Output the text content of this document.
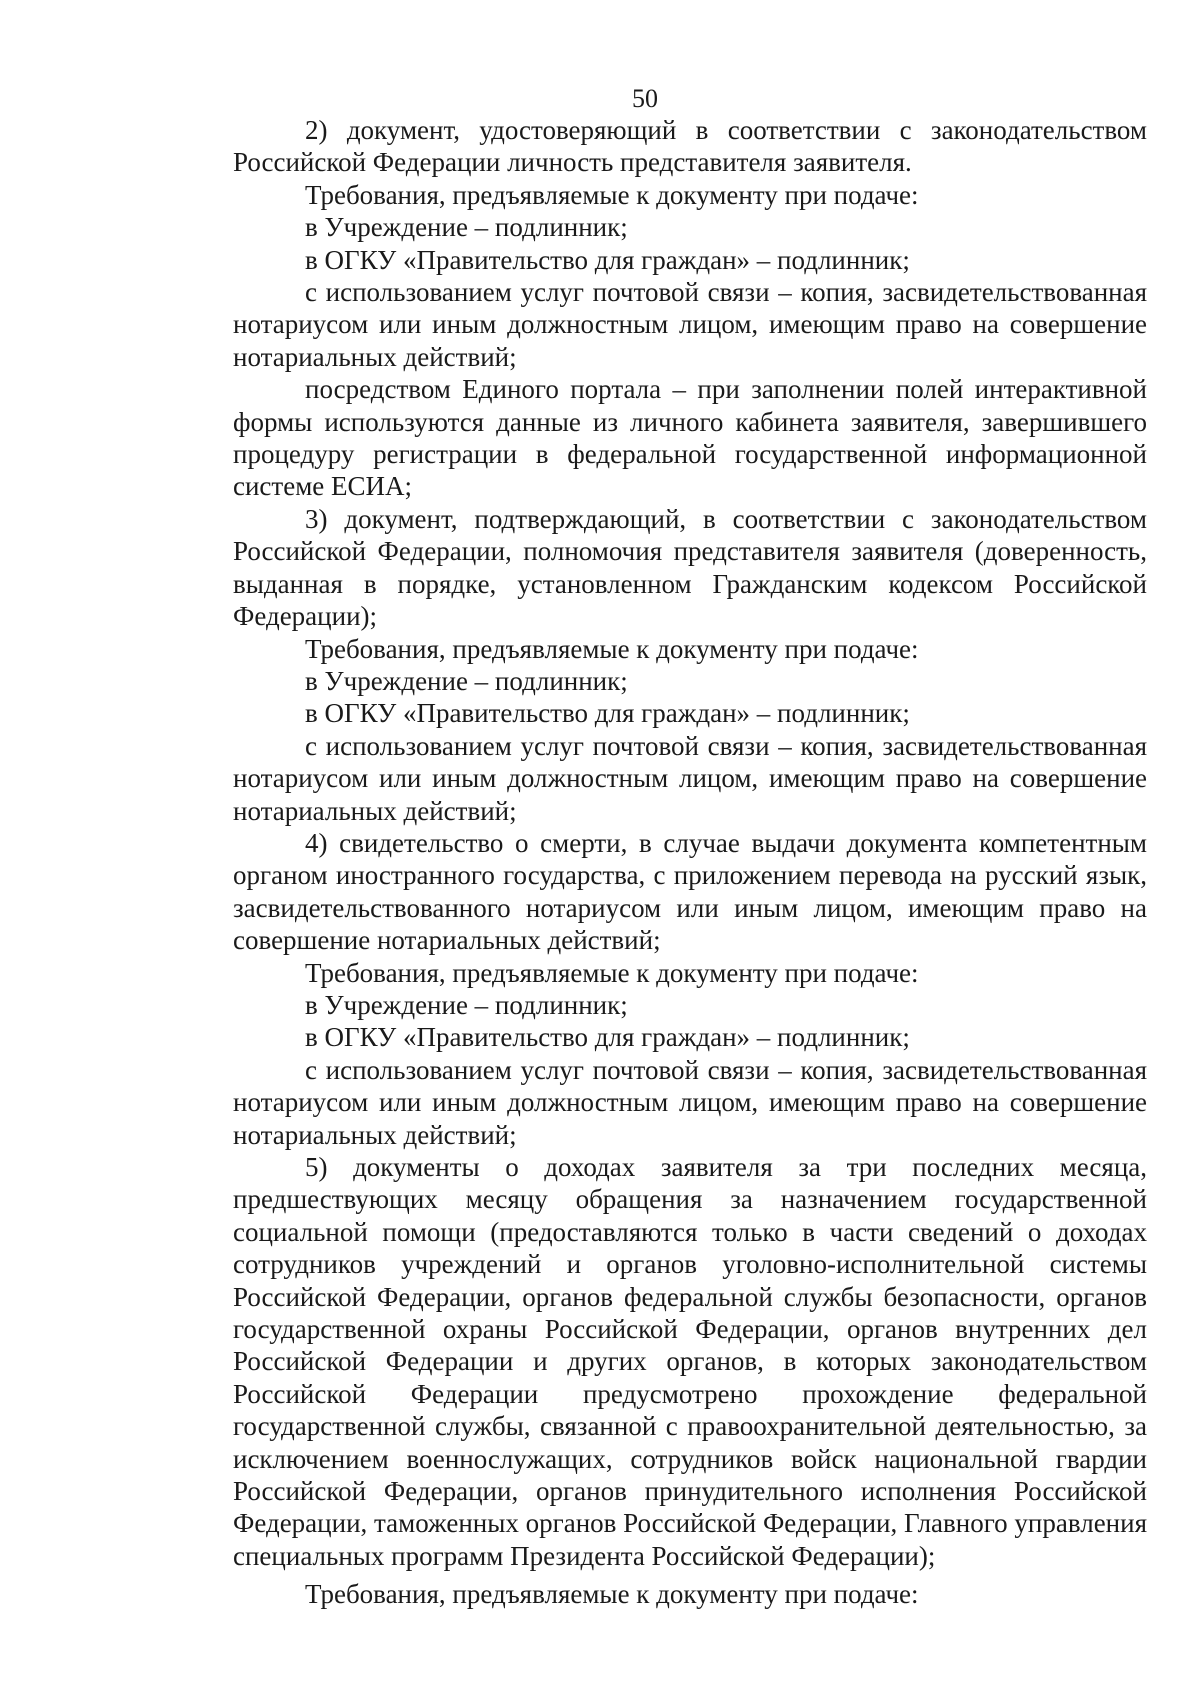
50

2) документ, удостоверяющий в соответствии с законодательством Российской Федерации личность представителя заявителя.

Требования, предъявляемые к документу при подаче:

в Учреждение – подлинник;

в ОГКУ «Правительство для граждан» – подлинник;

с использованием услуг почтовой связи – копия, засвидетельствованная нотариусом или иным должностным лицом, имеющим право на совершение нотариальных действий;

посредством Единого портала – при заполнении полей интерактивной формы используются данные из личного кабинета заявителя, завершившего процедуру регистрации в федеральной государственной информационной системе ЕСИА;

3) документ, подтверждающий, в соответствии с законодательством Российской Федерации, полномочия представителя заявителя (доверенность, выданная в порядке, установленном Гражданским кодексом Российской Федерации);

Требования, предъявляемые к документу при подаче:

в Учреждение – подлинник;

в ОГКУ «Правительство для граждан» – подлинник;

с использованием услуг почтовой связи – копия, засвидетельствованная нотариусом или иным должностным лицом, имеющим право на совершение нотариальных действий;

4) свидетельство о смерти, в случае выдачи документа компетентным органом иностранного государства, с приложением перевода на русский язык, засвидетельствованного нотариусом или иным лицом, имеющим право на совершение нотариальных действий;

Требования, предъявляемые к документу при подаче:

в Учреждение – подлинник;

в ОГКУ «Правительство для граждан» – подлинник;

с использованием услуг почтовой связи – копия, засвидетельствованная нотариусом или иным должностным лицом, имеющим право на совершение нотариальных действий;

5) документы о доходах заявителя за три последних месяца, предшествующих месяцу обращения за назначением государственной социальной помощи (предоставляются только в части сведений о доходах сотрудников учреждений и органов уголовно-исполнительной системы Российской Федерации, органов федеральной службы безопасности, органов государственной охраны Российской Федерации, органов внутренних дел Российской Федерации и других органов, в которых законодательством Российской Федерации предусмотрено прохождение федеральной государственной службы, связанной с правоохранительной деятельностью, за исключением военнослужащих, сотрудников войск национальной гвардии Российской Федерации, органов принудительного исполнения Российской Федерации, таможенных органов Российской Федерации, Главного управления специальных программ Президента Российской Федерации);

Требования, предъявляемые к документу при подаче:
